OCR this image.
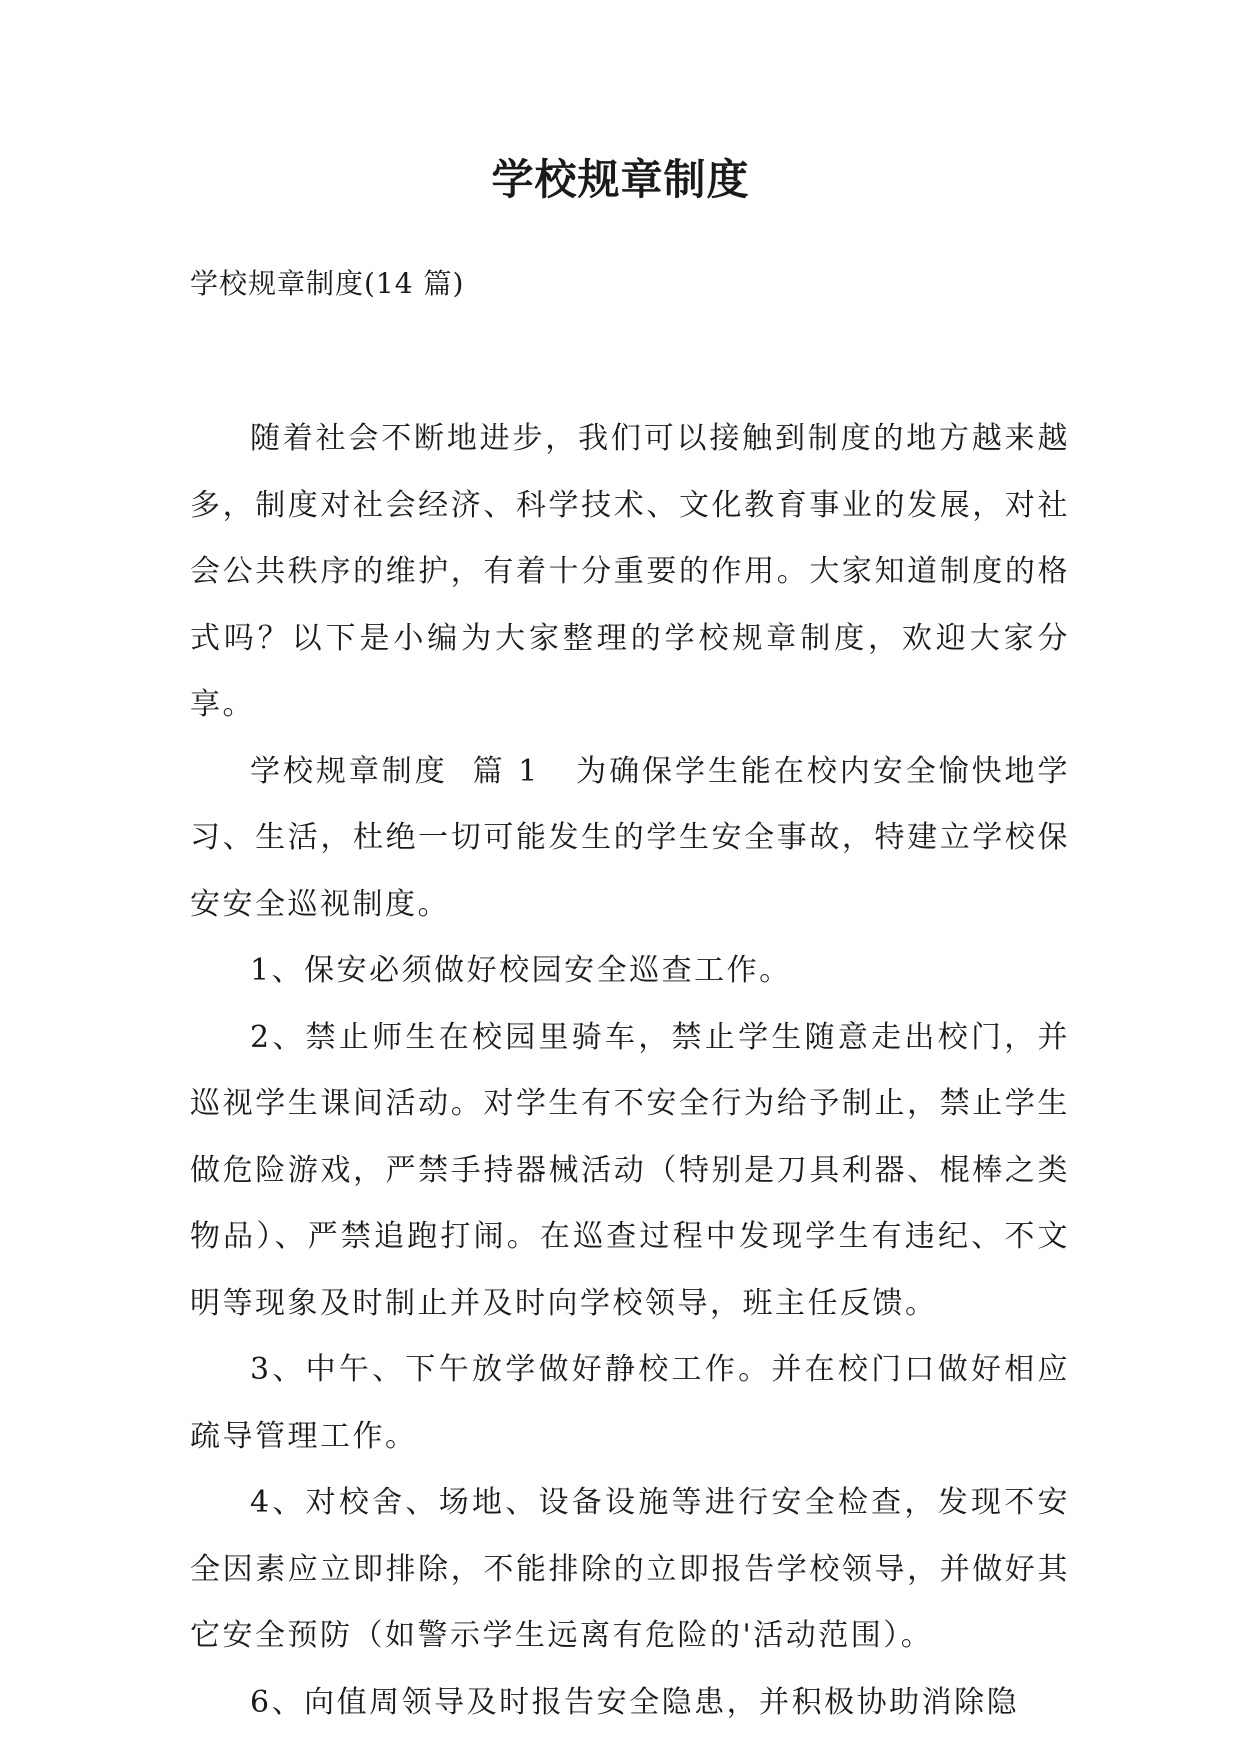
学校规章制度

学校规章制度(14 篇)

随着社会不断地进步，我们可以接触到制度的地方越来越多，制度对社会经济、科学技术、文化教育事业的发展，对社会公共秩序的维护，有着十分重要的作用。大家知道制度的格式吗？以下是小编为大家整理的学校规章制度，欢迎大家分享。

学校规章制度  篇 1 为确保学生能在校内安全愉快地学习、生活，杜绝一切可能发生的学生安全事故，特建立学校保安安全巡视制度。

1、保安必须做好校园安全巡查工作。

2、禁止师生在校园里骑车，禁止学生随意走出校门，并巡视学生课间活动。对学生有不安全行为给予制止，禁止学生做危险游戏，严禁手持器械活动（特别是刀具利器、棍棒之类物品）、严禁追跑打闹。在巡查过程中发现学生有违纪、不文明等现象及时制止并及时向学校领导，班主任反馈。

3、中午、下午放学做好静校工作。并在校门口做好相应疏导管理工作。

4、对校舍、场地、设备设施等进行安全检查，发现不安全因素应立即排除，不能排除的立即报告学校领导，并做好其它安全预防（如警示学生远离有危险的'活动范围）。

6、向值周领导及时报告安全隐患，并积极协助消除隐
